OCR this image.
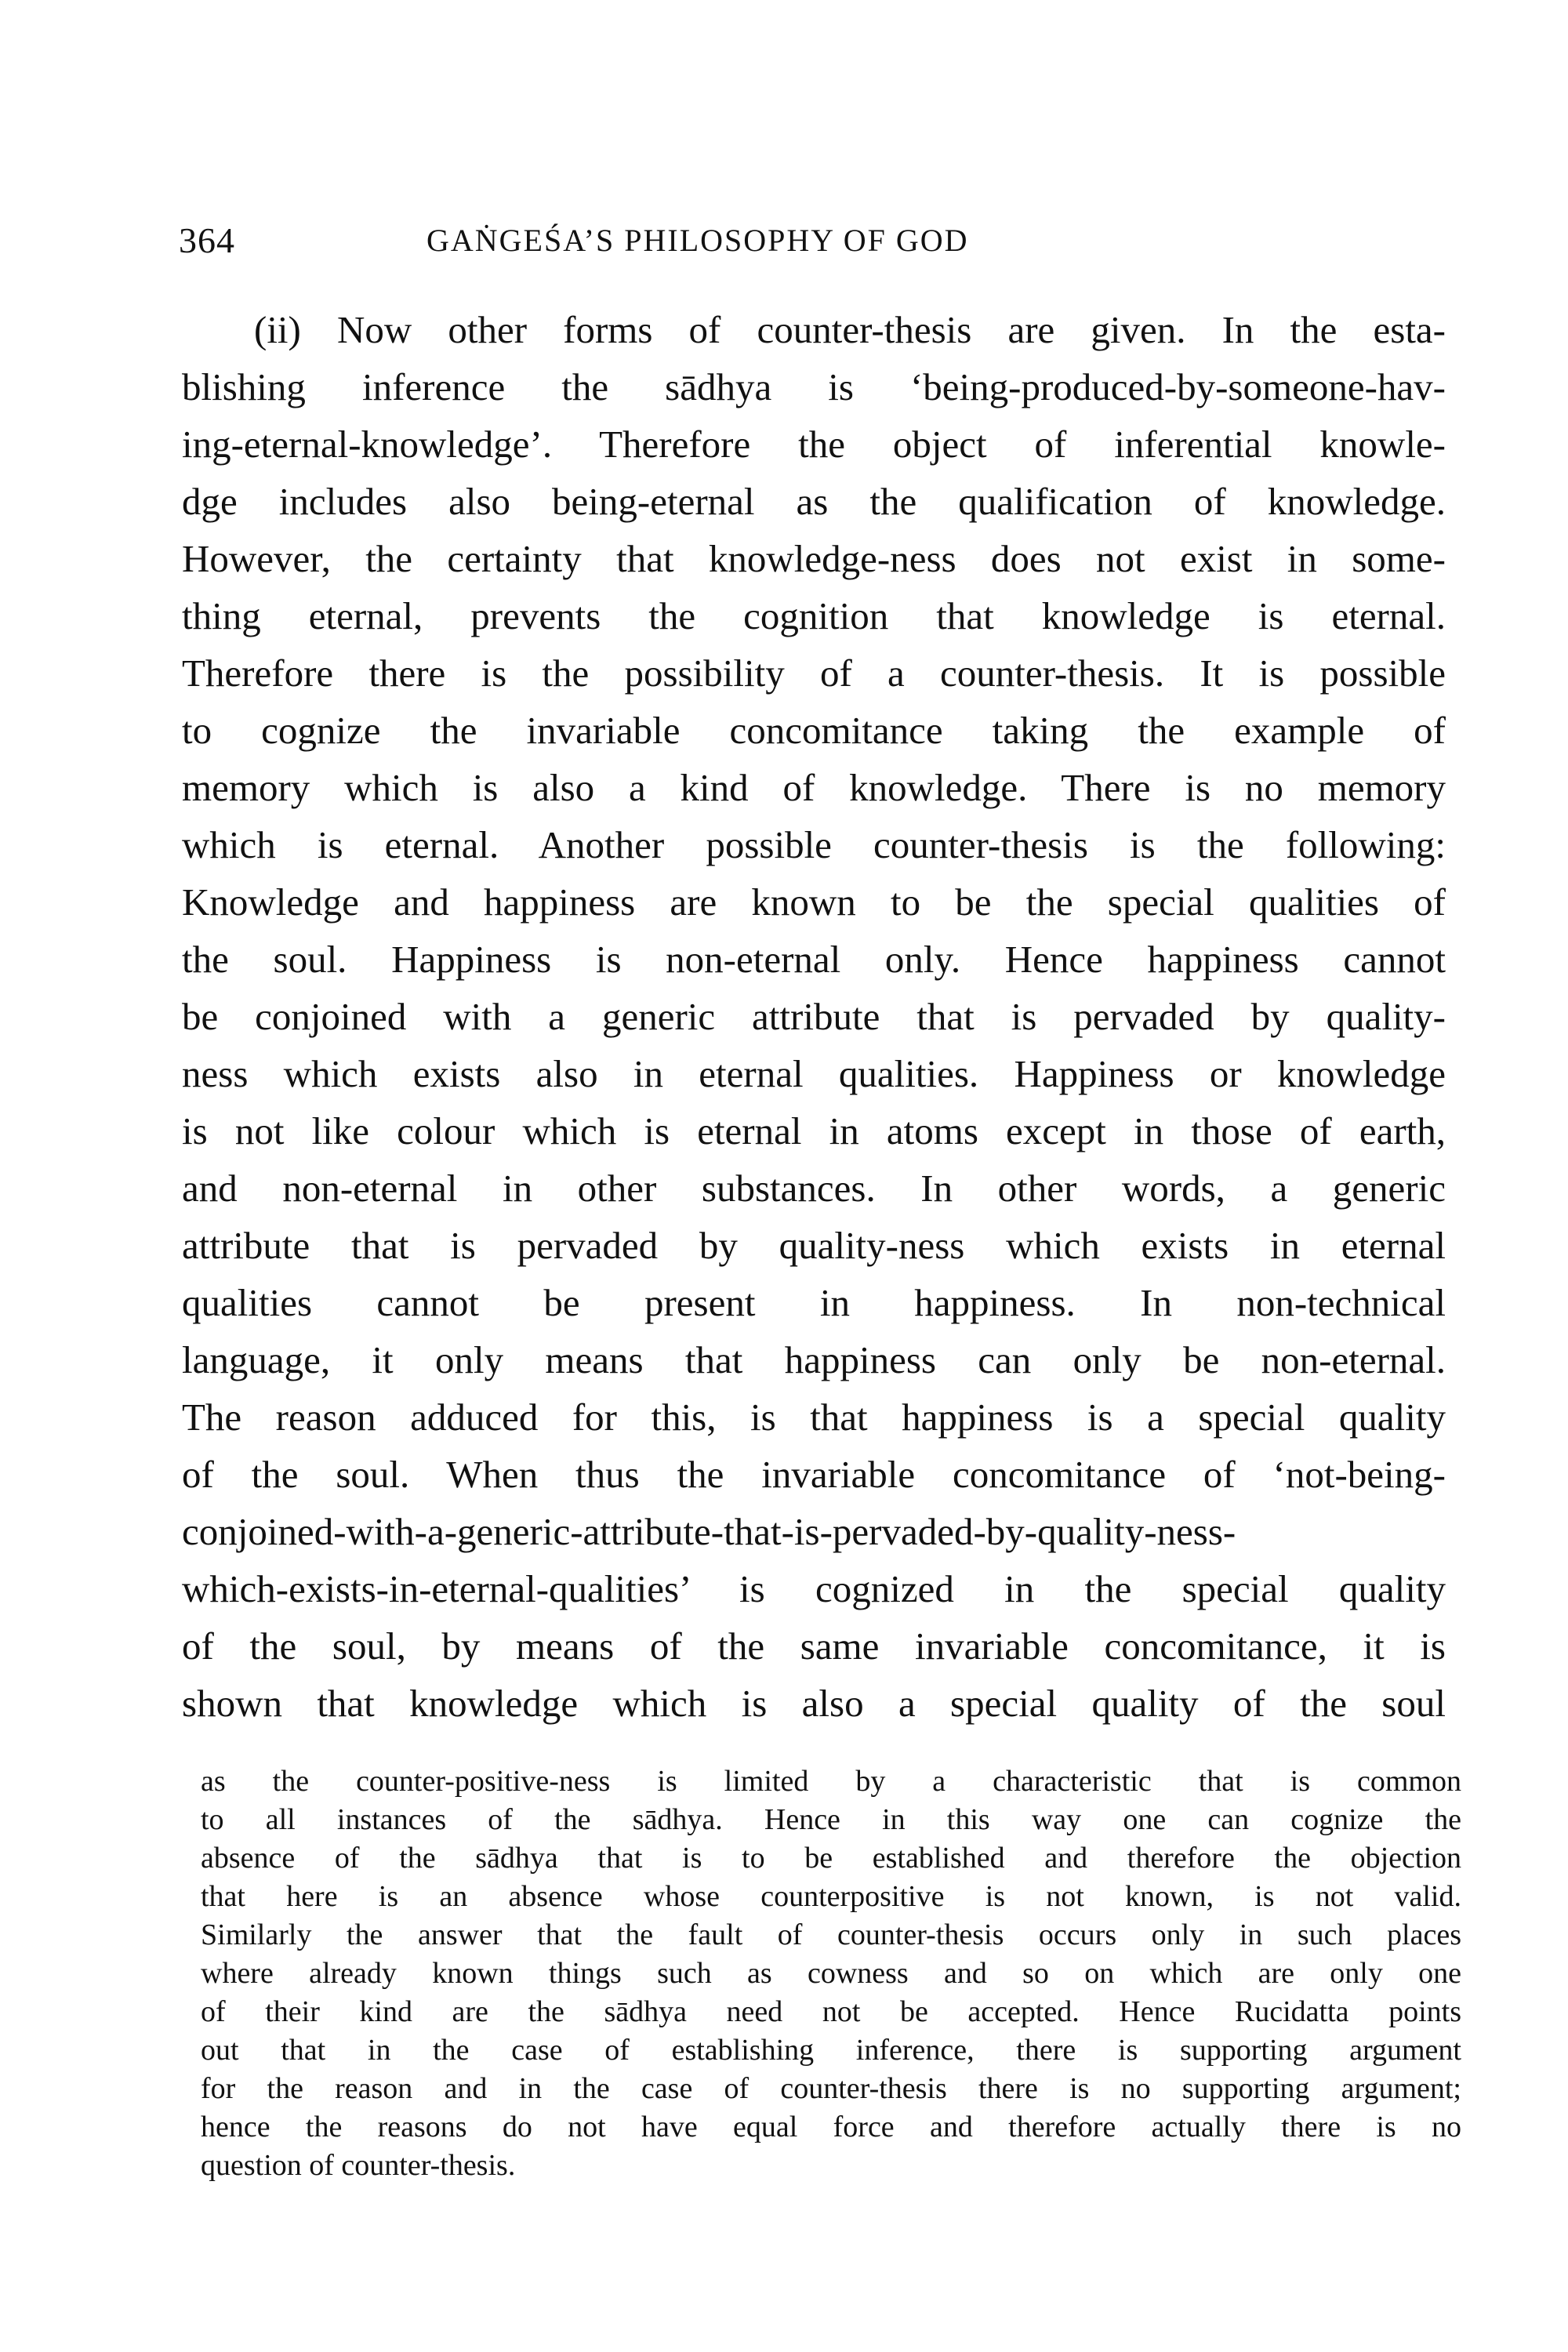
364	GAṄGEŚA’S PHILOSOPHY OF GOD
(ii) Now other forms of counter-thesis are given. In the esta-
blishing inference the sādhya is ‘being-produced-by-someone-hav-
ing-eternal-knowledge’. Therefore the object of inferential knowle-
dge includes also being-eternal as the qualification of knowledge.
However, the certainty that knowledge-ness does not exist in some-
thing eternal, prevents the cognition that knowledge is eternal.
Therefore there is the possibility of a counter-thesis. It is possible
to cognize the invariable concomitance taking the example of
memory which is also a kind of knowledge. There is no memory
which is eternal. Another possible counter-thesis is the following:
Knowledge and happiness are known to be the special qualities of
the soul. Happiness is non-eternal only. Hence happiness cannot
be conjoined with a generic attribute that is pervaded by quality-
ness which exists also in eternal qualities. Happiness or knowledge
is not like colour which is eternal in atoms except in those of earth,
and non-eternal in other substances. In other words, a generic
attribute that is pervaded by quality-ness which exists in eternal
qualities cannot be present in happiness. In non-technical
language, it only means that happiness can only be non-eternal.
The reason adduced for this, is that happiness is a special quality
of the soul. When thus the invariable concomitance of ‘not-being-
conjoined-with-a-generic-attribute-that-is-pervaded-by-quality-ness-
which-exists-in-eternal-qualities’ is cognized in the special quality
of the soul, by means of the same invariable concomitance, it is
shown that knowledge which is also a special quality of the soul
as the counter-positive-ness is limited by a characteristic that is common
to all instances of the sādhya. Hence in this way one can cognize the
absence of the sādhya that is to be established and therefore the objection
that here is an absence whose counterpositive is not known, is not valid.
Similarly the answer that the fault of counter-thesis occurs only in such places
where already known things such as cowness and so on which are only one
of their kind are the sādhya need not be accepted. Hence Rucidatta points
out that in the case of establishing inference, there is supporting argument
for the reason and in the case of counter-thesis there is no supporting argument;
hence the reasons do not have equal force and therefore actually there is no
question of counter-thesis.
